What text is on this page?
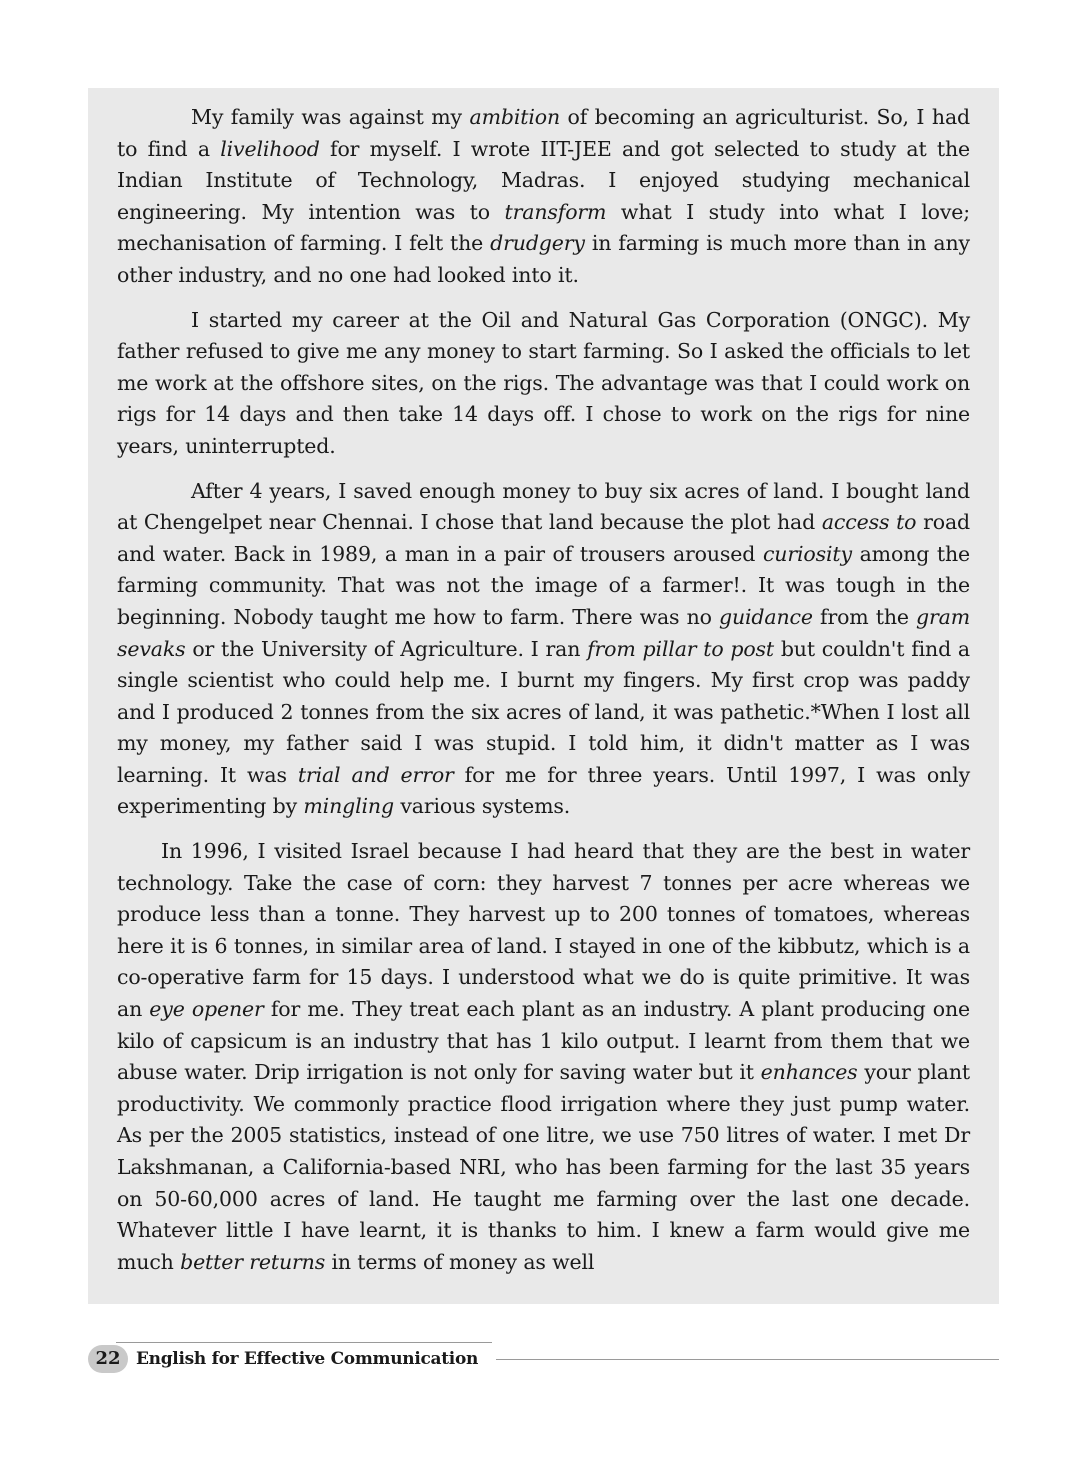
My family was against my ambition of becoming an agriculturist. So, I had to find a livelihood for myself. I wrote IIT-JEE and got selected to study at the Indian Institute of Technology, Madras. I enjoyed studying mechanical engineering. My intention was to transform what I study into what I love; mechanisation of farming. I felt the drudgery in farming is much more than in any other industry, and no one had looked into it.

I started my career at the Oil and Natural Gas Corporation (ONGC). My father refused to give me any money to start farming. So I asked the officials to let me work at the offshore sites, on the rigs. The advantage was that I could work on rigs for 14 days and then take 14 days off. I chose to work on the rigs for nine years, uninterrupted.

After 4 years, I saved enough money to buy six acres of land. I bought land at Chengelpet near Chennai. I chose that land because the plot had access to road and water. Back in 1989, a man in a pair of trousers aroused curiosity among the farming community. That was not the image of a farmer!. It was tough in the beginning. Nobody taught me how to farm. There was no guidance from the gram sevaks or the University of Agriculture. I ran from pillar to post but couldn't find a single scientist who could help me. I burnt my fingers. My first crop was paddy and I produced 2 tonnes from the six acres of land, it was pathetic.*When I lost all my money, my father said I was stupid. I told him, it didn't matter as I was learning. It was trial and error for me for three years. Until 1997, I was only experimenting by mingling various systems.

In 1996, I visited Israel because I had heard that they are the best in water technology. Take the case of corn: they harvest 7 tonnes per acre whereas we produce less than a tonne. They harvest up to 200 tonnes of tomatoes, whereas here it is 6 tonnes, in similar area of land. I stayed in one of the kibbutz, which is a co-operative farm for 15 days. I understood what we do is quite primitive. It was an eye opener for me. They treat each plant as an industry. A plant producing one kilo of capsicum is an industry that has 1 kilo output. I learnt from them that we abuse water. Drip irrigation is not only for saving water but it enhances your plant productivity. We commonly practice flood irrigation where they just pump water. As per the 2005 statistics, instead of one litre, we use 750 litres of water. I met Dr Lakshmanan, a California-based NRI, who has been farming for the last 35 years on 50-60,000 acres of land. He taught me farming over the last one decade. Whatever little I have learnt, it is thanks to him. I knew a farm would give me much better returns in terms of money as well

22 English for Effective Communication
